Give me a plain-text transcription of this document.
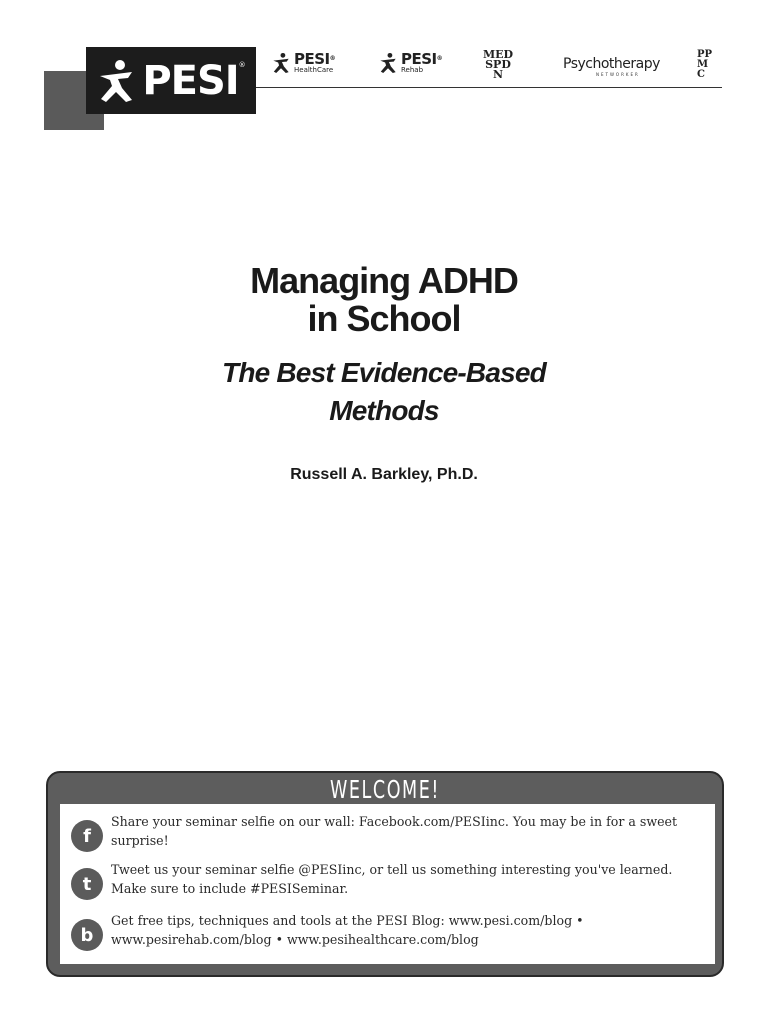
PESI ®	PESI®
HealthCare
PESI®
Rehab
MEDSPDN
Psychotherapy
NETWORKER
PPMC
Managing ADHD
in School
The Best Evidence-Based
Methods
Russell A. Barkley, Ph.D.
WELCOME!
f
Share your seminar selfie on our wall: Facebook.com/PESIinc. You may be in for a sweet surprise!
t
Tweet us your seminar selfie @PESIinc, or tell us something interesting you've learned. Make sure to include #PESISeminar.
b
Get free tips, techniques and tools at the PESI Blog: www.pesi.com/blog • www.pesirehab.com/blog • www.pesihealthcare.com/blog
